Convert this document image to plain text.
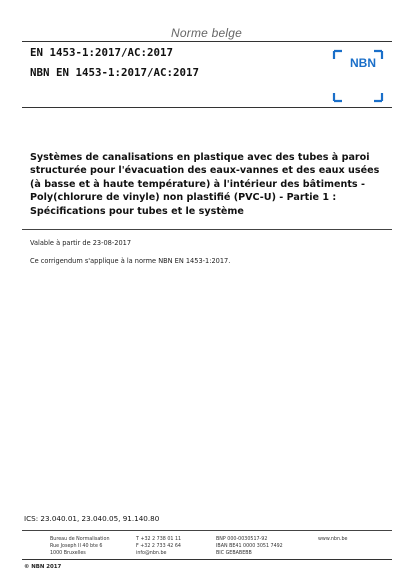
Norme belge
EN 1453-1:2017/AC:2017
NBN EN 1453-1:2017/AC:2017
NBN
Systèmes de canalisations en plastique avec des tubes à paroi
structurée pour l'évacuation des eaux-vannes et des eaux usées
(à basse et à haute température) à l'intérieur des bâtiments -
Poly(chlorure de vinyle) non plastifié (PVC-U) - Partie 1 :
Spécifications pour tubes et le système
Valable à partir de 23-08-2017
Ce corrigendum s'applique à la norme NBN EN 1453-1:2017.
ICS: 23.040.01, 23.040.05, 91.140.80
Bureau de Normalisation
Rue Joseph II 40 bte 6
1000 Bruxelles
T +32 2 738 01 11
F +32 2 733 42 64
info@nbn.be
BNP 000-0030517-92
IBAN BE41 0000 3051 7492
BIC GEBABEBB
www.nbn.be
© NBN 2017
